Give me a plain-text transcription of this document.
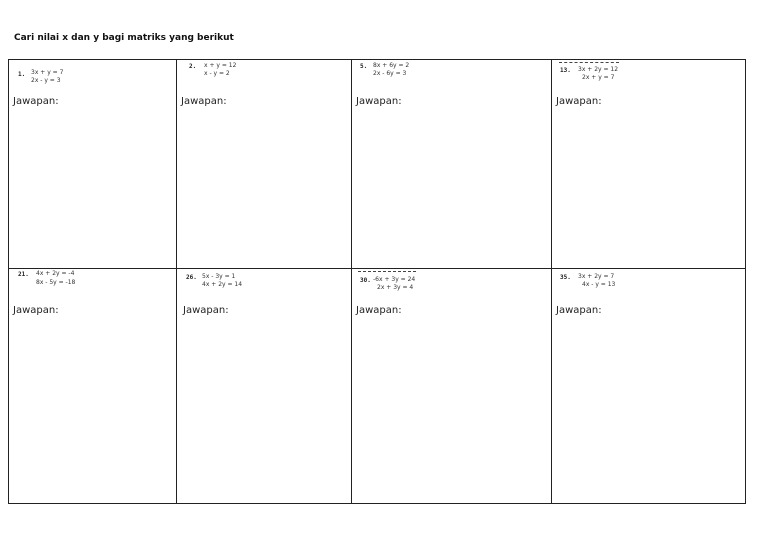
Cari nilai x dan y bagi matriks yang berikut
1. 3x + y = 7
2x - y = 3
Jawapan:
2. x + y = 12
x - y = 2
Jawapan:
5. 8x + 6y = 2
2x - 6y = 3
Jawapan:
13. 3x + 2y = 12
2x + y = 7
Jawapan:
21. 4x + 2y = -4
8x - 5y = -18
Jawapan:
26. 5x - 3y = 1
4x + 2y = 14
Jawapan:
30. -6x + 3y = 24
2x + 3y = 4
Jawapan:
35. 3x + 2y = 7
4x - y = 13
Jawapan:
